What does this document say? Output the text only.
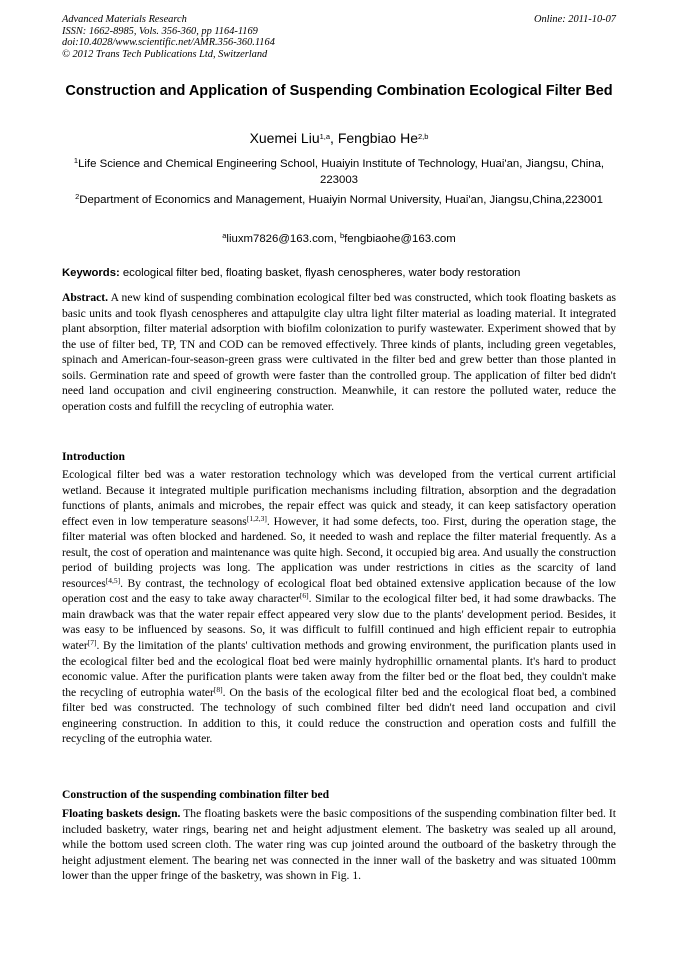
Advanced Materials Research
ISSN: 1662-8985, Vols. 356-360, pp 1164-1169
doi:10.4028/www.scientific.net/AMR.356-360.1164
© 2012 Trans Tech Publications Ltd, Switzerland
Online: 2011-10-07
Construction and Application of Suspending Combination Ecological Filter Bed
Xuemei Liu$^{1,a}$, Fengbiao He$^{2,b}$
$^1$Life Science and Chemical Engineering School, Huaiyin Institute of Technology, Huai'an, Jiangsu, China, 223003
$^2$Department of Economics and Management, Huaiyin Normal University, Huai'an, Jiangsu,China,223001
$^a$liuxm7826@163.com, $^b$fengbiaohe@163.com
Keywords: ecological filter bed, floating basket, flyash cenospheres, water body restoration
Abstract. A new kind of suspending combination ecological filter bed was constructed, which took floating baskets as basic units and took flyash cenospheres and attapulgite clay ultra light filter material as loading material. It integrated plant absorption, filter material adsorption with biofilm colonization to purify wastewater. Experiment showed that by the use of filter bed, TP, TN and COD can be removed effectively. Three kinds of plants, including green vegetables, spinach and American-four-season-green grass were cultivated in the filter bed and grew better than those planted in soils. Germination rate and speed of growth were faster than the controlled group. The application of filter bed didn't need land occupation and civil engineering construction. Meanwhile, it can restore the polluted water, reduce the operation costs and fulfill the recycling of eutrophia water.
Introduction
Ecological filter bed was a water restoration technology which was developed from the vertical current artificial wetland. Because it integrated multiple purification mechanisms including filtration, absorption and the degradation functions of plants, animals and microbes, the repair effect was quick and steady, it can keep satisfactory operation effect even in low temperature seasons[1,2,3]. However, it had some defects, too. First, during the operation stage, the filter material was often blocked and hardened. So, it needed to wash and replace the filter material frequently. As a result, the cost of operation and maintenance was quite high. Second, it occupied big area. And usually the construction period of building projects was long. The application was under restrictions in cities as the scarcity of land resources[4,5]. By contrast, the technology of ecological float bed obtained extensive application because of the low operation cost and the easy to take away character[6]. Similar to the ecological filter bed, it had some drawbacks. The main drawback was that the water repair effect appeared very slow due to the plants' development period. Besides, it was easy to be influenced by seasons. So, it was difficult to fulfill continued and high efficient repair to eutrophia water[7]. By the limitation of the plants' cultivation methods and growing environment, the purification plants used in the ecological filter bed and the ecological float bed were mainly hydrophillic ornamental plants. It's hard to product economic value. After the purification plants were taken away from the filter bed or the float bed, they couldn't make the recycling of eutrophia water[8]. On the basis of the ecological filter bed and the ecological float bed, a combined filter bed was constructed. The technology of such combined filter bed didn't need land occupation and civil engineering construction. In addition to this, it could reduce the construction and operation costs and fulfill the recycling of the eutrophia water.
Construction of the suspending combination filter bed
Floating baskets design. The floating baskets were the basic compositions of the suspending combination filter bed. It included basketry, water rings, bearing net and height adjustment element. The basketry was sealed up all around, while the bottom used screen cloth. The water ring was cup jointed around the outboard of the basketry through the height adjustment element. The bearing net was connected in the inner wall of the basketry and was situated 100mm lower than the upper fringe of the basketry, was shown in Fig. 1.
